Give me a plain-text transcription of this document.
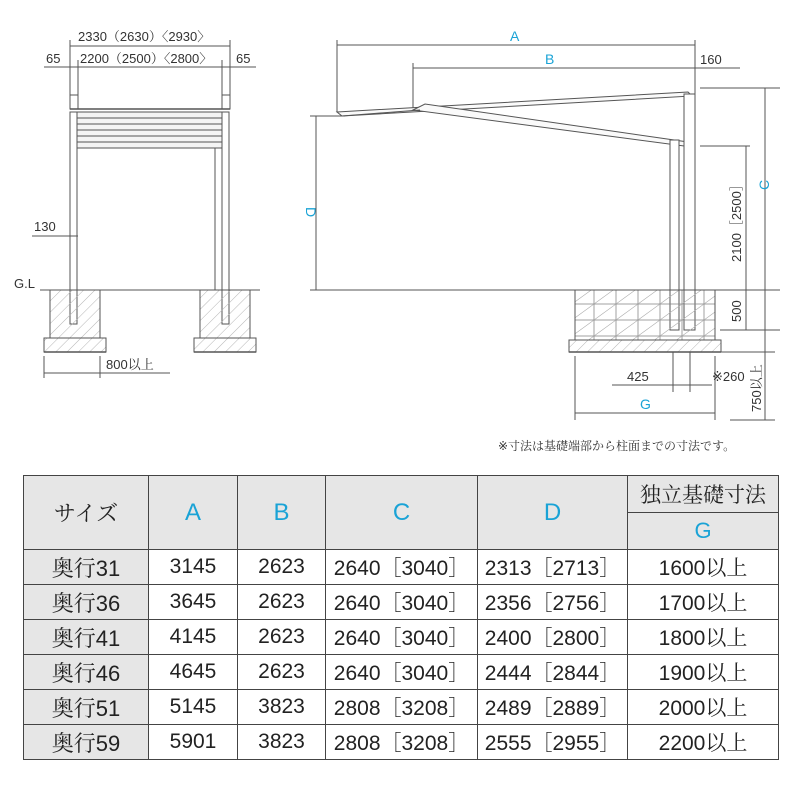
2330（2630）〈2930〉
65 2200（2500）〈2800〉 65
130
G.L
800以上
A
B	160
D
C
2100［2500］
500
425	※260 750以上
G
※寸法は基礎端部から柱面までの寸法です。
サイズ	A	B	C	D	独立基礎寸法
					G
奥行31	3145	2623	2640［3040］	2313［2713］	1600以上
奥行36	3645	2623	2640［3040］	2356［2756］	1700以上
奥行41	4145	2623	2640［3040］	2400［2800］	1800以上
奥行46	4645	2623	2640［3040］	2444［2844］	1900以上
奥行51	5145	3823	2808［3208］	2489［2889］	2000以上
奥行59	5901	3823	2808［3208］	2555［2955］	2200以上
